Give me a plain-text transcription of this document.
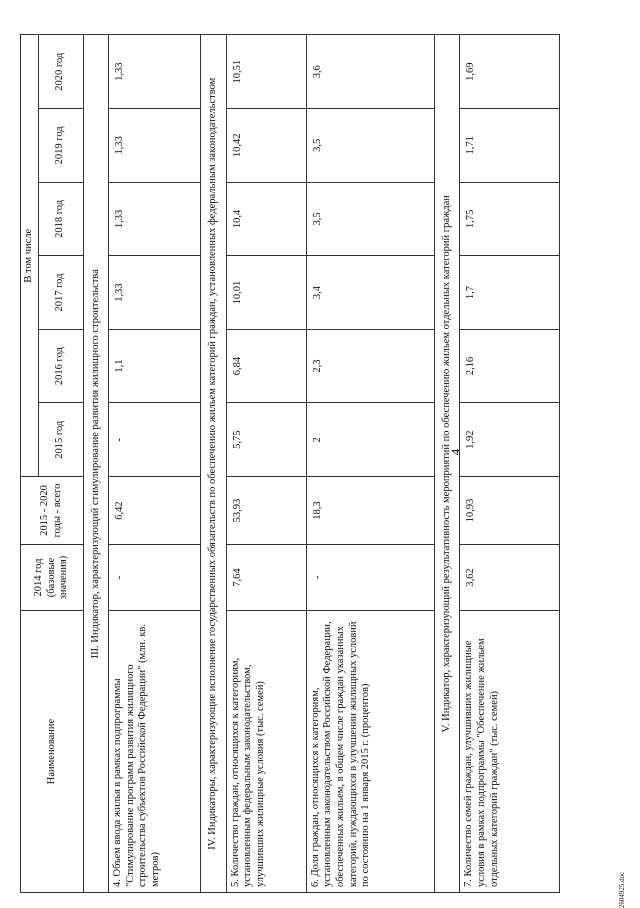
4
2604925.doc
Наименование	2014 год (базовые значения)	2015 - 2020 годы - всего	В том числе					
			2015 год	2016 год	2017 год	2018 год	2019 год	2020 год
III. Индикатор, характеризующий стимулирование развития жилищного строительства								
4. Объем ввода жилья в рамках подпрограммы "Стимулирование программ развития жилищного строительства субъектов Российской Федерации" (млн. кв. метров)	-	6,42	-	1,1	1,33	1,33	1,33	1,33
IV. Индикаторы, характеризующие исполнение государственных обязательств по обеспечению жильем категорий граждан, установленных федеральным законодательством								
5. Количество граждан, относящихся к категориям, установленным федеральным законодательством, улучшивших жилищные условия (тыс. семей)	7,64	53,93	5,75	6,84	10,01	10,4	10,42	10,51
6. Доля граждан, относящихся к категориям, установленным законодательством Российской Федерации, обеспеченных жильем, в общем числе граждан указанных категорий, нуждающихся в улучшении жилищных условий по состоянию на 1 января 2015 г. (процентов)	-	18,3	2	2,3	3,4	3,5	3,5	3,6
V. Индикатор, характеризующий результативность мероприятий по обеспечению жильем отдельных категорий граждан								
7. Количество семей граждан, улучшивших жилищные условия в рамках подпрограммы "Обеспечение жильем отдельных категорий граждан" (тыс. семей)	3,62	10,93	1,92	2,16	1,7	1,75	1,71	1,69
